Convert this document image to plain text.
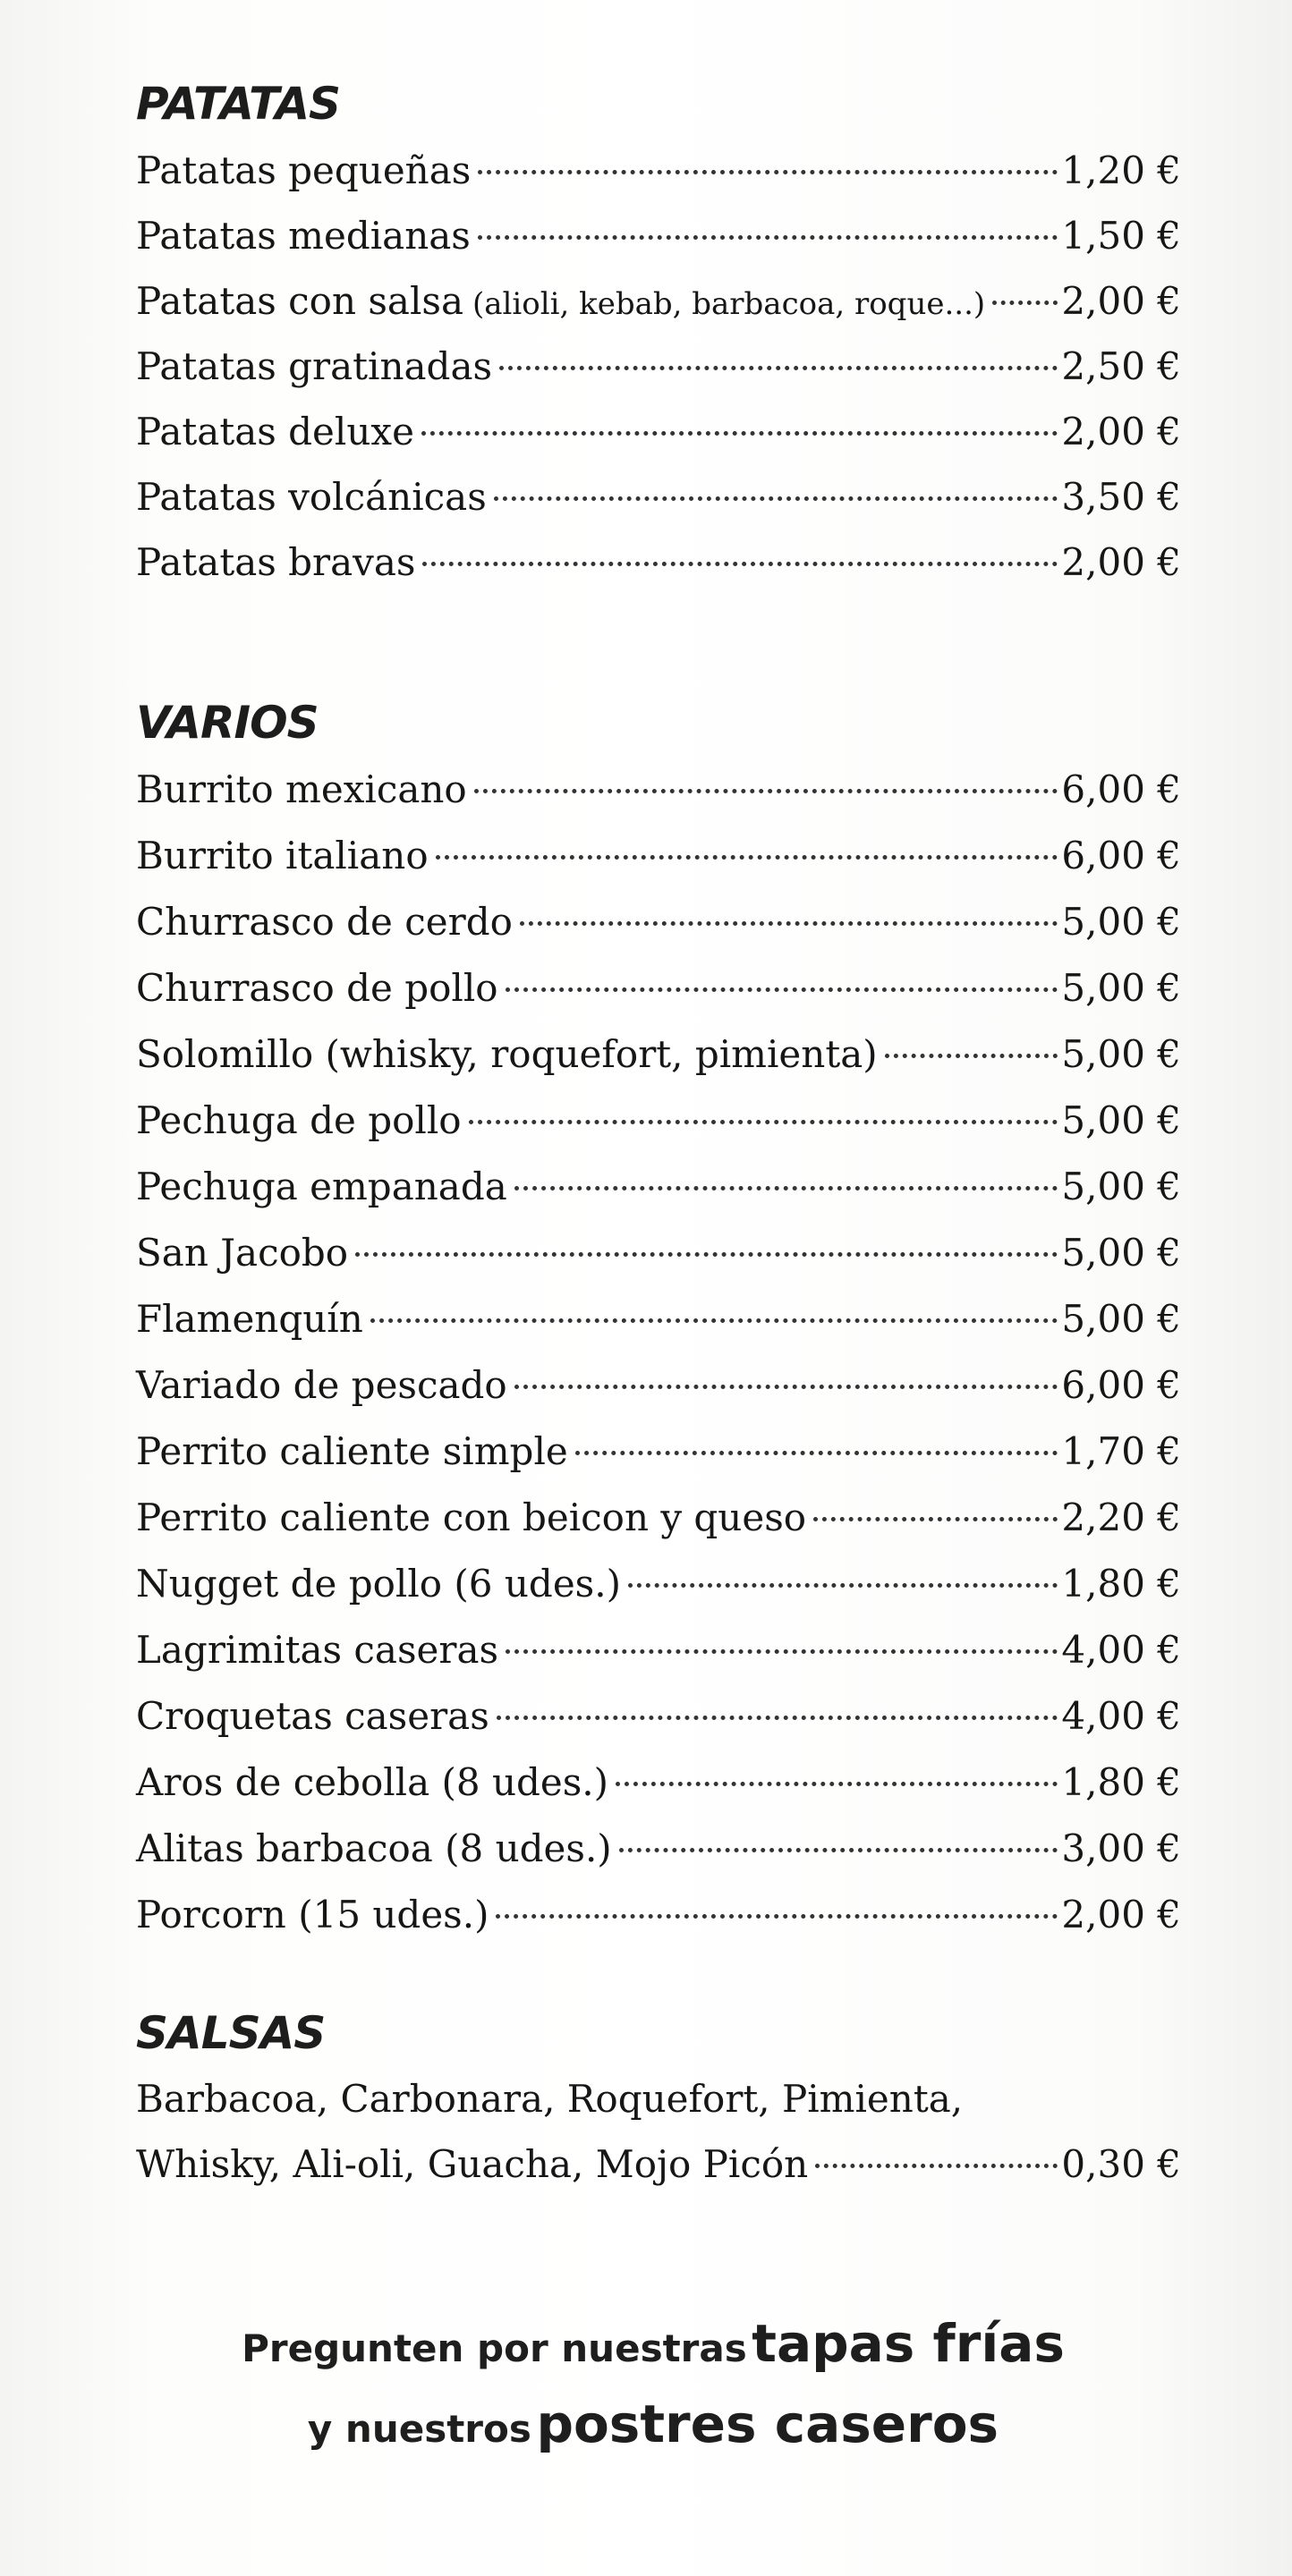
PATATAS
Patatas pequeñas	1,20 €
Patatas medianas	1,50 €
Patatas con salsa (alioli, kebab, barbacoa, roque...) 2,00 €
Patatas gratinadas	2,50 €
Patatas deluxe	2,00 €
Patatas volcánicas	3,50 €
Patatas bravas	2,00 €
VARIOS
Burrito mexicano	6,00 €
Burrito italiano	6,00 €
Churrasco de cerdo	5,00 €
Churrasco de pollo	5,00 €
Solomillo (whisky, roquefort, pimienta)	5,00 €
Pechuga de pollo	5,00 €
Pechuga empanada	5,00 €
San Jacobo	5,00 €
Flamenquín	5,00 €
Variado de pescado	6,00 €
Perrito caliente simple	1,70 €
Perrito caliente con beicon y queso	2,20 €
Nugget de pollo (6 udes.)	1,80 €
Lagrimitas caseras	4,00 €
Croquetas caseras	4,00 €
Aros de cebolla (8 udes.)	1,80 €
Alitas barbacoa (8 udes.)	3,00 €
Porcorn (15 udes.)	2,00 €
SALSAS
Barbacoa, Carbonara, Roquefort, Pimienta,
Whisky, Ali-oli, Guacha, Mojo Picón	0,30 €
Pregunten por nuestras tapas frías
y nuestros postres caseros
